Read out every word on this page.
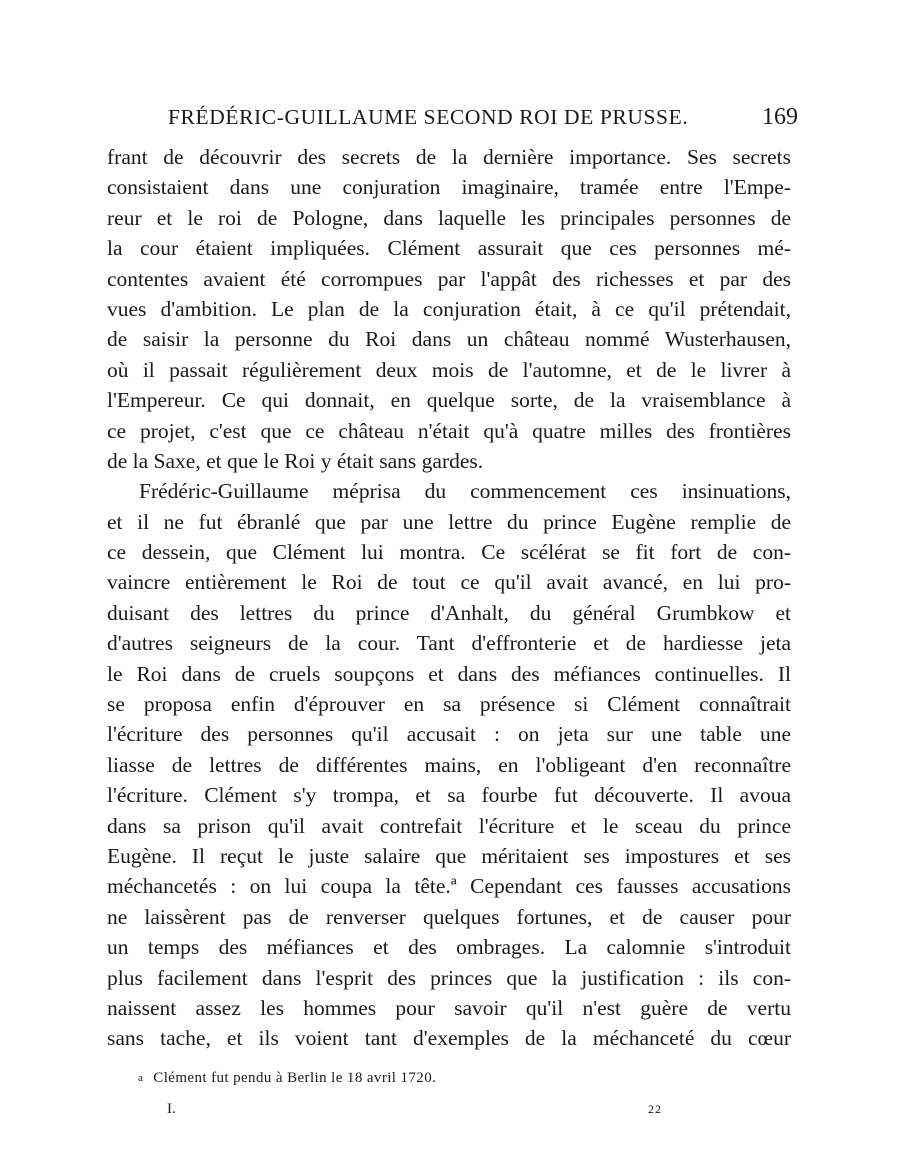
FRÉDÉRIC-GUILLAUME SECOND ROI DE PRUSSE.	169
frant de découvrir des secrets de la dernière importance. Ses secrets
consistaient dans une conjuration imaginaire, tramée entre l'Empe-
reur et le roi de Pologne, dans laquelle les principales personnes de
la cour étaient impliquées. Clément assurait que ces personnes mé-
contentes avaient été corrompues par l'appât des richesses et par des
vues d'ambition. Le plan de la conjuration était, à ce qu'il prétendait,
de saisir la personne du Roi dans un château nommé Wusterhausen,
où il passait régulièrement deux mois de l'automne, et de le livrer à
l'Empereur. Ce qui donnait, en quelque sorte, de la vraisemblance à
ce projet, c'est que ce château n'était qu'à quatre milles des frontières
de la Saxe, et que le Roi y était sans gardes.
Frédéric-Guillaume méprisa du commencement ces insinuations,
et il ne fut ébranlé que par une lettre du prince Eugène remplie de
ce dessein, que Clément lui montra. Ce scélérat se fit fort de con-
vaincre entièrement le Roi de tout ce qu'il avait avancé, en lui pro-
duisant des lettres du prince d'Anhalt, du général Grumbkow et
d'autres seigneurs de la cour. Tant d'effronterie et de hardiesse jeta
le Roi dans de cruels soupçons et dans des méfiances continuelles. Il
se proposa enfin d'éprouver en sa présence si Clément connaîtrait
l'écriture des personnes qu'il accusait : on jeta sur une table une
liasse de lettres de différentes mains, en l'obligeant d'en reconnaître
l'écriture. Clément s'y trompa, et sa fourbe fut découverte. Il avoua
dans sa prison qu'il avait contrefait l'écriture et le sceau du prince
Eugène. Il reçut le juste salaire que méritaient ses impostures et ses
méchancetés : on lui coupa la tête.ª Cependant ces fausses accusations
ne laissèrent pas de renverser quelques fortunes, et de causer pour
un temps des méfiances et des ombrages. La calomnie s'introduit
plus facilement dans l'esprit des princes que la justification : ils con-
naissent assez les hommes pour savoir qu'il n'est guère de vertu
sans tache, et ils voient tant d'exemples de la méchanceté du cœur
a Clément fut pendu à Berlin le 18 avril 1720.
I.	22
